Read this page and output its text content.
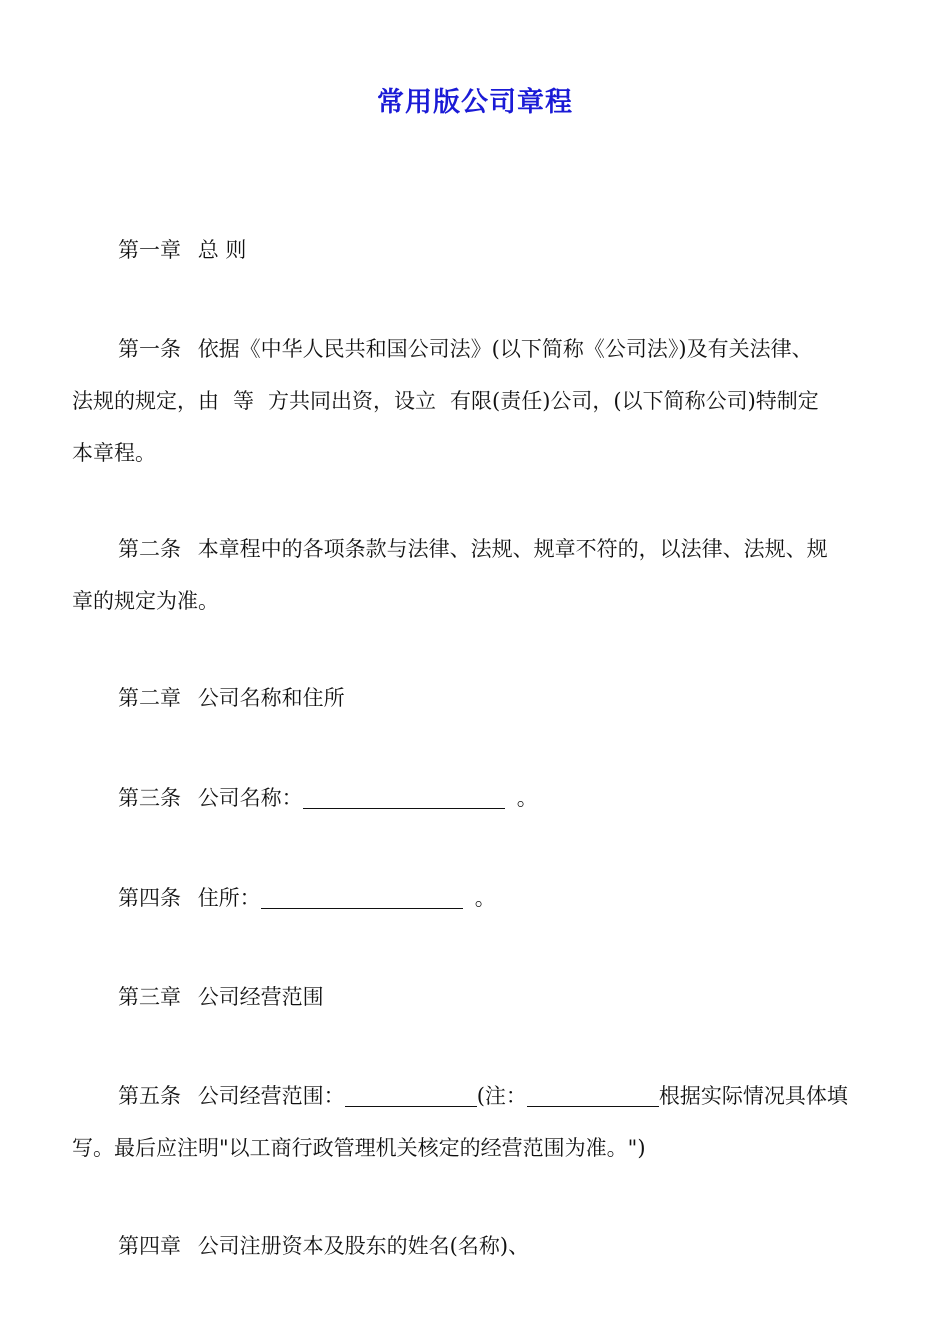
常用版公司章程
第一章 总 则
第一条 依据《中华人民共和国公司法》(以下简称《公司法》)及有关法律、
法规的规定，由 等 方共同出资，设立 有限(责任)公司，(以下简称公司)特制定
本章程。
第二条 本章程中的各项条款与法律、法规、规章不符的，以法律、法规、规
章的规定为准。
第二章 公司名称和住所
第三条 公司名称：	。
第四条 住所：	。
第三章 公司经营范围
第五条 公司经营范围：	(注：	根据实际情况具体填
写。最后应注明"以工商行政管理机关核定的经营范围为准。")
第四章 公司注册资本及股东的姓名(名称)、
